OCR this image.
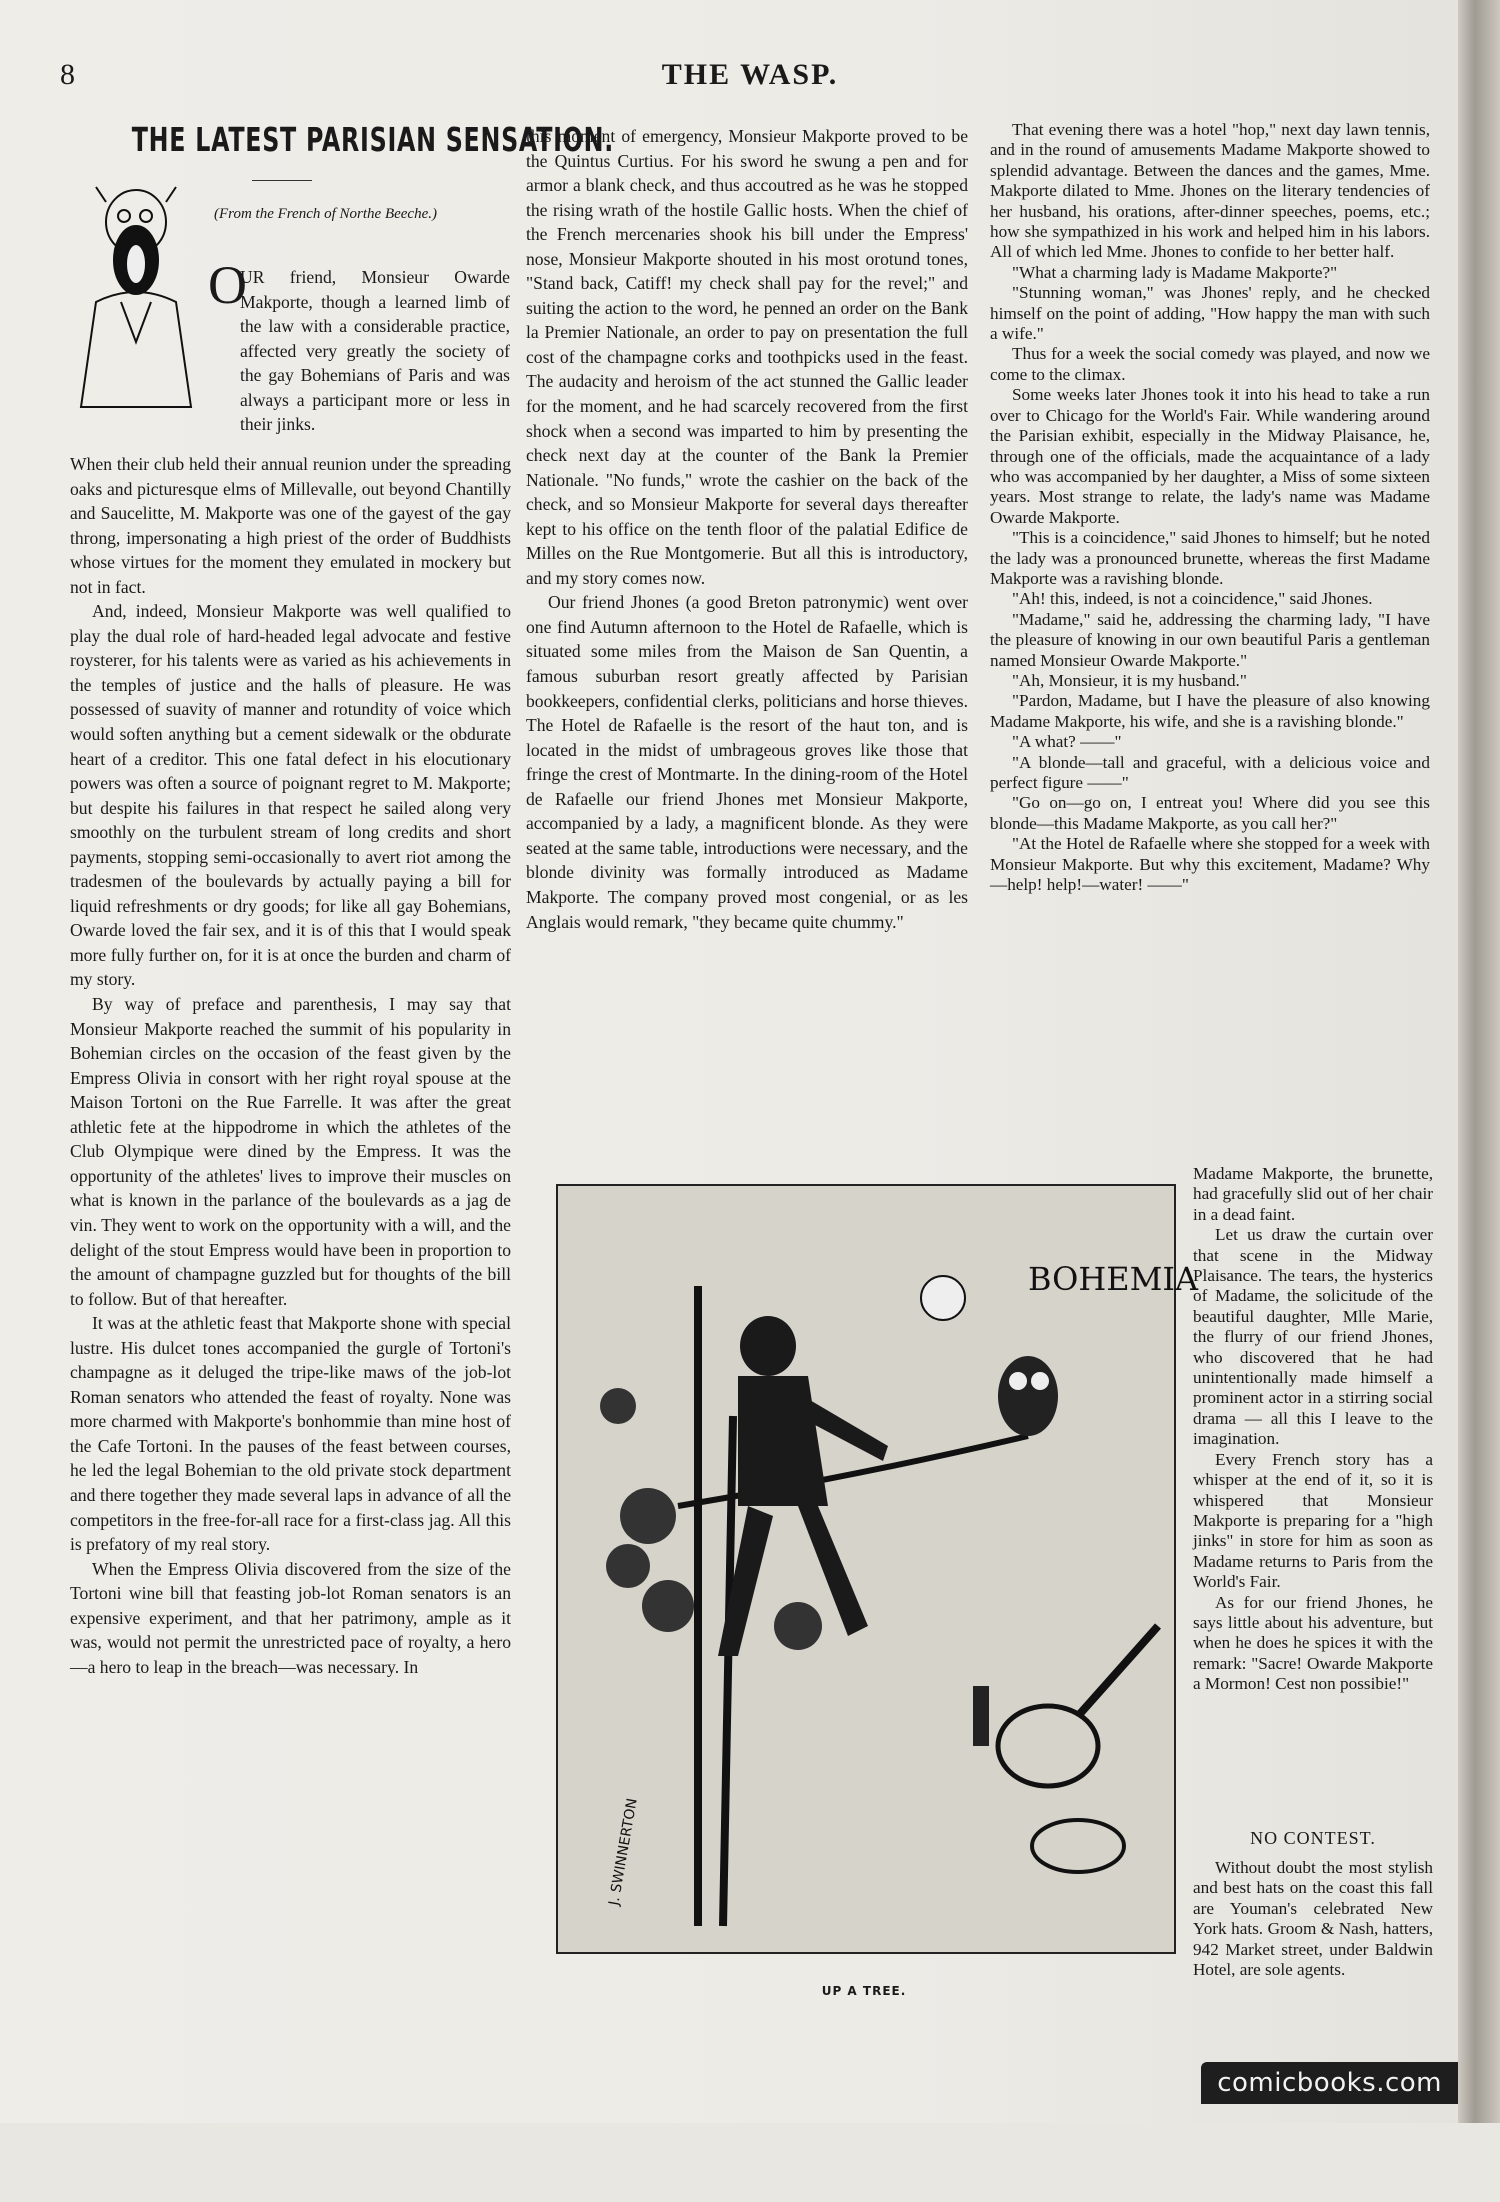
8	THE WASP.
THE LATEST PARISIAN SENSATION.
(From the French of Northe Beeche.)
O
UR friend, Monsieur Owarde Makporte, though a learned limb of the law with a considerable practice, affected very greatly the society of the gay Bohemians of Paris and was always a participant more or less in their jinks.

When their club held their annual reunion under the spreading oaks and picturesque elms of Millevalle, out beyond Chantilly and Saucelitte, M. Makporte was one of the gayest of the gay throng, impersonating a high priest of the order of Buddhists whose virtues for the moment they emulated in mockery but not in fact.

And, indeed, Monsieur Makporte was well qualified to play the dual role of hard-headed legal advocate and festive roysterer, for his talents were as varied as his achievements in the temples of justice and the halls of pleasure. He was possessed of suavity of manner and rotundity of voice which would soften anything but a cement sidewalk or the obdurate heart of a creditor. This one fatal defect in his elocutionary powers was often a source of poignant regret to M. Makporte; but despite his failures in that respect he sailed along very smoothly on the turbulent stream of long credits and short payments, stopping semi-occasionally to avert riot among the tradesmen of the boulevards by actually paying a bill for liquid refreshments or dry goods; for like all gay Bohemians, Owarde loved the fair sex, and it is of this that I would speak more fully further on, for it is at once the burden and charm of my story.

By way of preface and parenthesis, I may say that Monsieur Makporte reached the summit of his popularity in Bohemian circles on the occasion of the feast given by the Empress Olivia in consort with her right royal spouse at the Maison Tortoni on the Rue Farrelle. It was after the great athletic fete at the hippodrome in which the athletes of the Club Olympique were dined by the Empress. It was the opportunity of the athletes' lives to improve their muscles on what is known in the parlance of the boulevards as a jag de vin. They went to work on the opportunity with a will, and the delight of the stout Empress would have been in proportion to the amount of champagne guzzled but for thoughts of the bill to follow. But of that hereafter.

It was at the athletic feast that Makporte shone with special lustre. His dulcet tones accompanied the gurgle of Tortoni's champagne as it deluged the tripe-like maws of the job-lot Roman senators who attended the feast of royalty. None was more charmed with Makporte's bonhommie than mine host of the Cafe Tortoni. In the pauses of the feast between courses, he led the legal Bohemian to the old private stock department and there together they made several laps in advance of all the competitors in the free-for-all race for a first-class jag. All this is prefatory of my real story.

When the Empress Olivia discovered from the size of the Tortoni wine bill that feasting job-lot Roman senators is an expensive experiment, and that her patrimony, ample as it was, would not permit the unrestricted pace of royalty, a hero—a hero to leap in the breach—was necessary. In

this moment of emergency, Monsieur Makporte proved to be the Quintus Curtius. For his sword he swung a pen and for armor a blank check, and thus accoutred as he was he stopped the rising wrath of the hostile Gallic hosts. When the chief of the French mercenaries shook his bill under the Empress' nose, Monsieur Makporte shouted in his most orotund tones, "Stand back, Catiff! my check shall pay for the revel;" and suiting the action to the word, he penned an order on the Bank la Premier Nationale, an order to pay on presentation the full cost of the champagne corks and toothpicks used in the feast. The audacity and heroism of the act stunned the Gallic leader for the moment, and he had scarcely recovered from the first shock when a second was imparted to him by presenting the check next day at the counter of the Bank la Premier Nationale. "No funds," wrote the cashier on the back of the check, and so Monsieur Makporte for several days thereafter kept to his office on the tenth floor of the palatial Edifice de Milles on the Rue Montgomerie. But all this is introductory, and my story comes now.

Our friend Jhones (a good Breton patronymic) went over one find Autumn afternoon to the Hotel de Rafaelle, which is situated some miles from the Maison de San Quentin, a famous suburban resort greatly affected by Parisian bookkeepers, confidential clerks, politicians and horse thieves. The Hotel de Rafaelle is the resort of the haut ton, and is located in the midst of umbrageous groves like those that fringe the crest of Montmarte. In the dining-room of the Hotel de Rafaelle our friend Jhones met Monsieur Makporte, accompanied by a lady, a magnificent blonde. As they were seated at the same table, introductions were necessary, and the blonde divinity was formally introduced as Madame Makporte. The company proved most congenial, or as les Anglais would remark, "they became quite chummy."

That evening there was a hotel "hop," next day lawn tennis, and in the round of amusements Madame Makporte showed to splendid advantage. Between the dances and the games, Mme. Makporte dilated to Mme. Jhones on the literary tendencies of her husband, his orations, after-dinner speeches, poems, etc.; how she sympathized in his work and helped him in his labors. All of which led Mme. Jhones to confide to her better half.

"What a charming lady is Madame Makporte?"

"Stunning woman," was Jhones' reply, and he checked himself on the point of adding, "How happy the man with such a wife."

Thus for a week the social comedy was played, and now we come to the climax.

Some weeks later Jhones took it into his head to take a run over to Chicago for the World's Fair. While wandering around the Parisian exhibit, especially in the Midway Plaisance, he, through one of the officials, made the acquaintance of a lady who was accompanied by her daughter, a Miss of some sixteen years. Most strange to relate, the lady's name was Madame Owarde Makporte.

"This is a coincidence," said Jhones to himself; but he noted the lady was a pronounced brunette, whereas the first Madame Makporte was a ravishing blonde.

"Ah! this, indeed, is not a coincidence," said Jhones.

"Madame," said he, addressing the charming lady, "I have the pleasure of knowing in our own beautiful Paris a gentleman named Monsieur Owarde Makporte."

"Ah, Monsieur, it is my husband."

"Pardon, Madame, but I have the pleasure of also knowing Madame Makporte, his wife, and she is a ravishing blonde."

"A what? ——"

"A blonde—tall and graceful, with a delicious voice and perfect figure ——"

"Go on—go on, I entreat you! Where did you see this blonde—this Madame Makporte, as you call her?"

"At the Hotel de Rafaelle where she stopped for a week with Monsieur Makporte. But why this excitement, Madame? Why—help! help!—water! ——"

Madame Makporte, the brunette, had gracefully slid out of her chair in a dead faint.

Let us draw the curtain over that scene in the Midway Plaisance. The tears, the hysterics of Madame, the solicitude of the beautiful daughter, Mlle Marie, the flurry of our friend Jhones, who discovered that he had unintentionally made himself a prominent actor in a stirring social drama — all this I leave to the imagination.

Every French story has a whisper at the end of it, so it is whispered that Monsieur Makporte is preparing for a "high jinks" in store for him as soon as Madame returns to Paris from the World's Fair.

As for our friend Jhones, he says little about his adventure, but when he does he spices it with the remark: "Sacre! Owarde Makporte a Mormon! Cest non possibie!"

BOHEMIA
J. SWINNERTON
UP A TREE.
NO CONTEST.
Without doubt the most stylish and best hats on the coast this fall are Youman's celebrated New York hats. Groom & Nash, hatters, 942 Market street, under Baldwin Hotel, are sole agents.
comicbooks.com
